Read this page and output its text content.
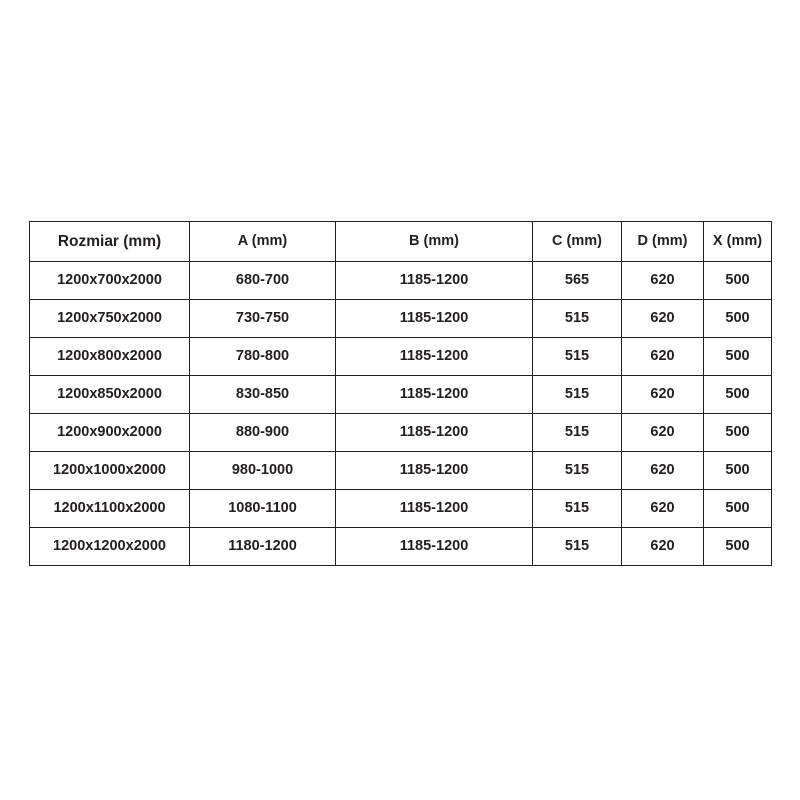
Rozmiar (mm)	A (mm)	B (mm)	C (mm)	D (mm)	X (mm)
1200x700x2000	680-700	1185-1200	565	620	500
1200x750x2000	730-750	1185-1200	515	620	500
1200x800x2000	780-800	1185-1200	515	620	500
1200x850x2000	830-850	1185-1200	515	620	500
1200x900x2000	880-900	1185-1200	515	620	500
1200x1000x2000	980-1000	1185-1200	515	620	500
1200x1100x2000	1080-1100	1185-1200	515	620	500
1200x1200x2000	1180-1200	1185-1200	515	620	500
